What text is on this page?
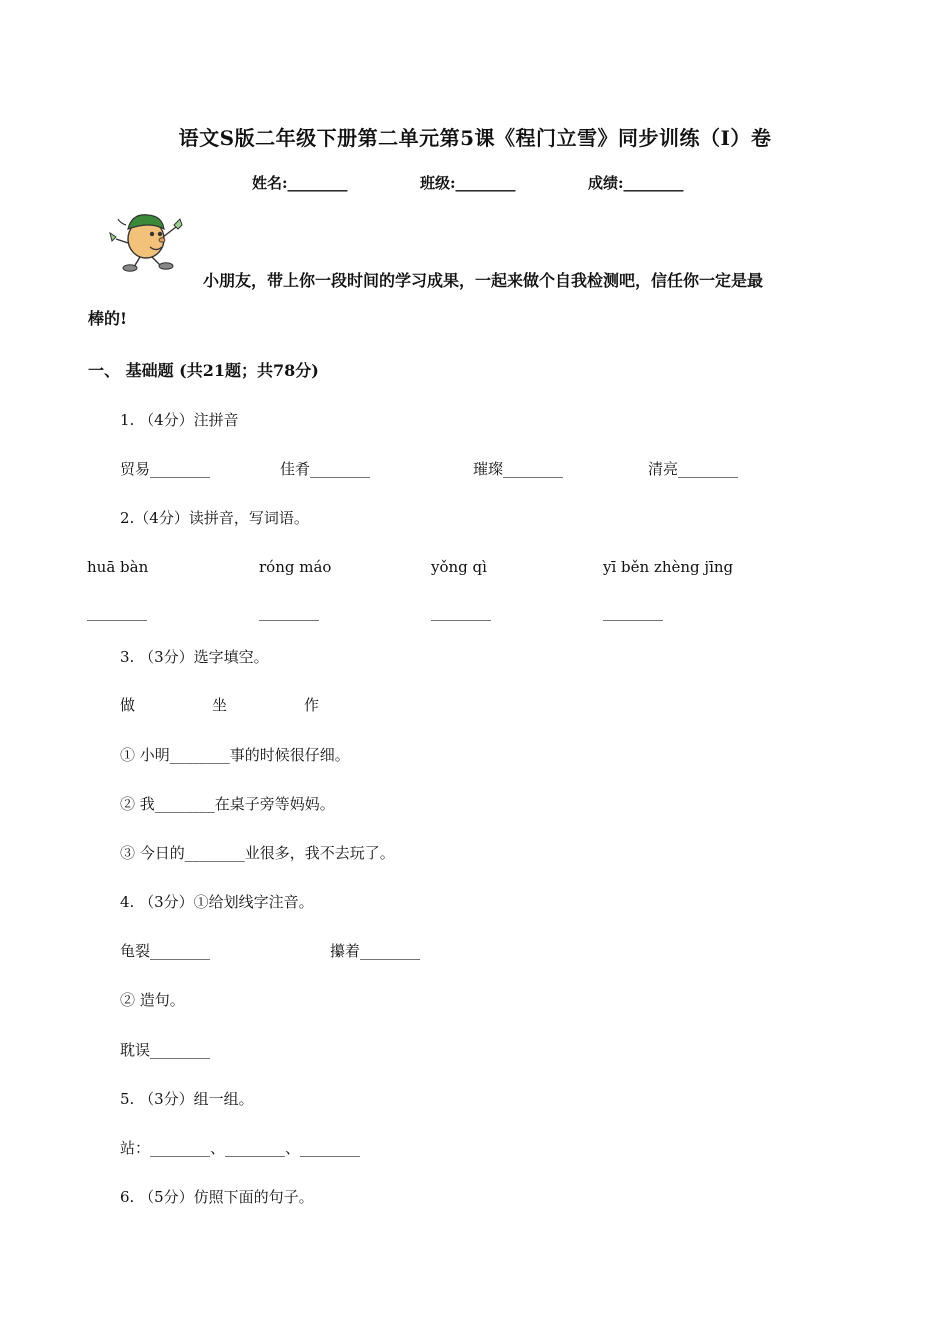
语文S版二年级下册第二单元第5课《程门立雪》同步训练（I）卷
姓名:________	班级:________	成绩:________
小朋友，带上你一段时间的学习成果，一起来做个自我检测吧，信任你一定是最
棒的!
一、 基础题 (共21题；共78分)
1. （4分）注拼音
贸易________	佳肴________	璀璨________	清亮________
2.（4分）读拼音，写词语。
huā bàn	róng máo	yǒng qì	yī běn zhèng jīng
________	________	________	________
3. （3分）选字填空。
做	坐	作
① 小明________事的时候很仔细。
② 我________在桌子旁等妈妈。
③ 今日的________业很多，我不去玩了。
4. （3分）①给划线字注音。
龟裂________	攥着________
② 造句。
耽误________
5. （3分）组一组。
站：________、________、________
6. （5分）仿照下面的句子。
